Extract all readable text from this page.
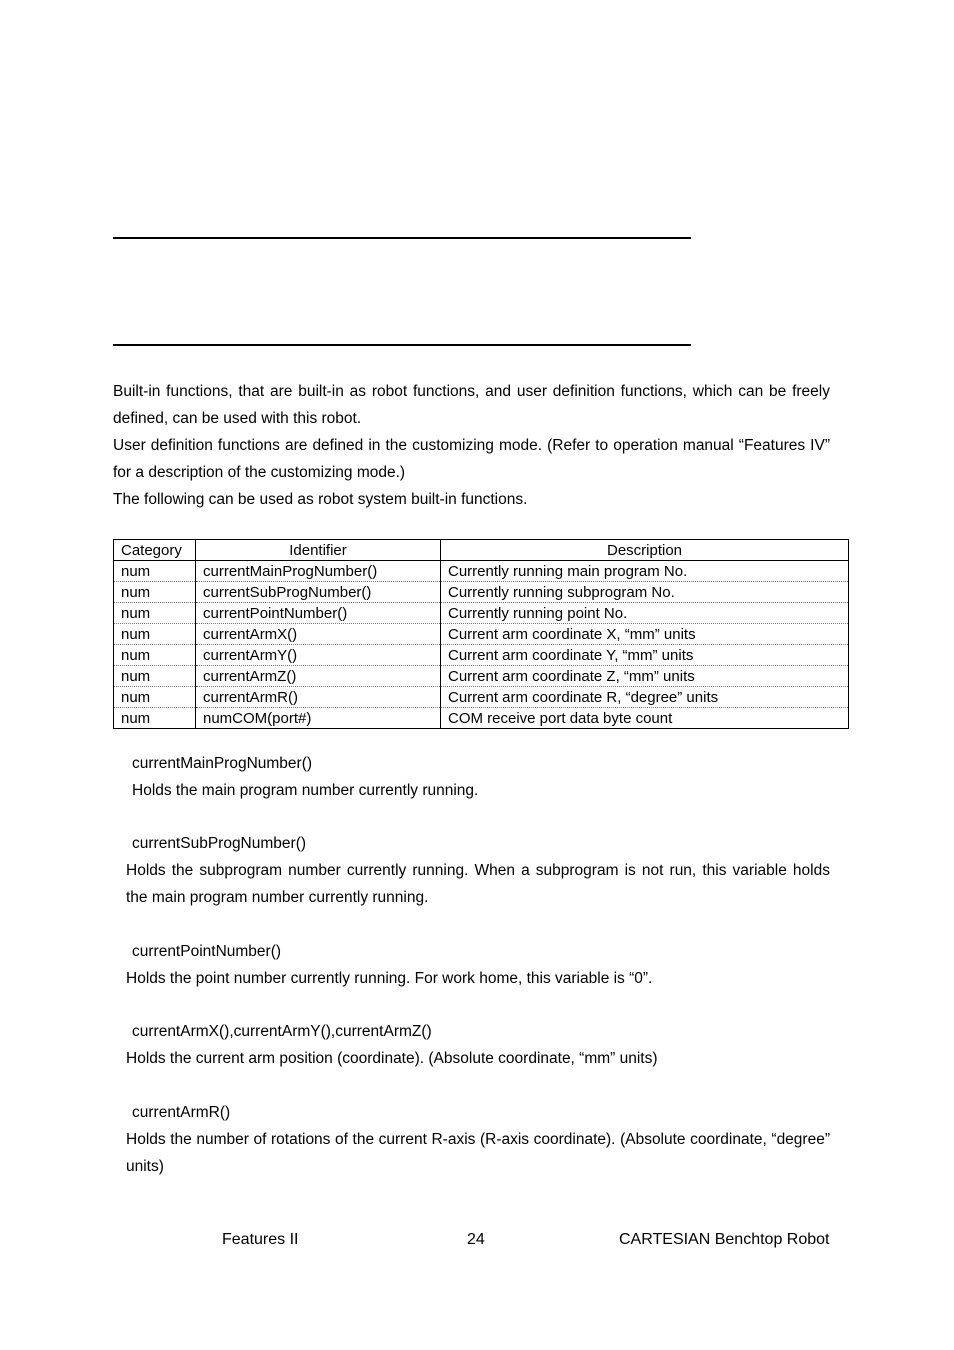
Built-in functions, that are built-in as robot functions, and user definition functions, which can be freely defined, can be used with this robot.

User definition functions are defined in the customizing mode. (Refer to operation manual “Features IV” for a description of the customizing mode.)

The following can be used as robot system built-in functions.

Category	Identifier	Description
num	currentMainProgNumber()	Currently running main program No.
num	currentSubProgNumber()	Currently running subprogram No.
num	currentPointNumber()	Currently running point No.
num	currentArmX()	Current arm coordinate X, “mm” units
num	currentArmY()	Current arm coordinate Y, “mm” units
num	currentArmZ()	Current arm coordinate Z, “mm” units
num	currentArmR()	Current arm coordinate R, “degree” units
num	numCOM(port#)	COM receive port data byte count

currentMainProgNumber()

Holds the main program number currently running.

currentSubProgNumber()

Holds the subprogram number currently running. When a subprogram is not run, this variable holds the main program number currently running.

currentPointNumber()

Holds the point number currently running. For work home, this variable is “0”.

currentArmX(),currentArmY(),currentArmZ()

Holds the current arm position (coordinate). (Absolute coordinate, “mm” units)

currentArmR()

Holds the number of rotations of the current R-axis (R-axis coordinate). (Absolute coordinate, “degree” units)

Features II	24	CARTESIAN Benchtop Robot
